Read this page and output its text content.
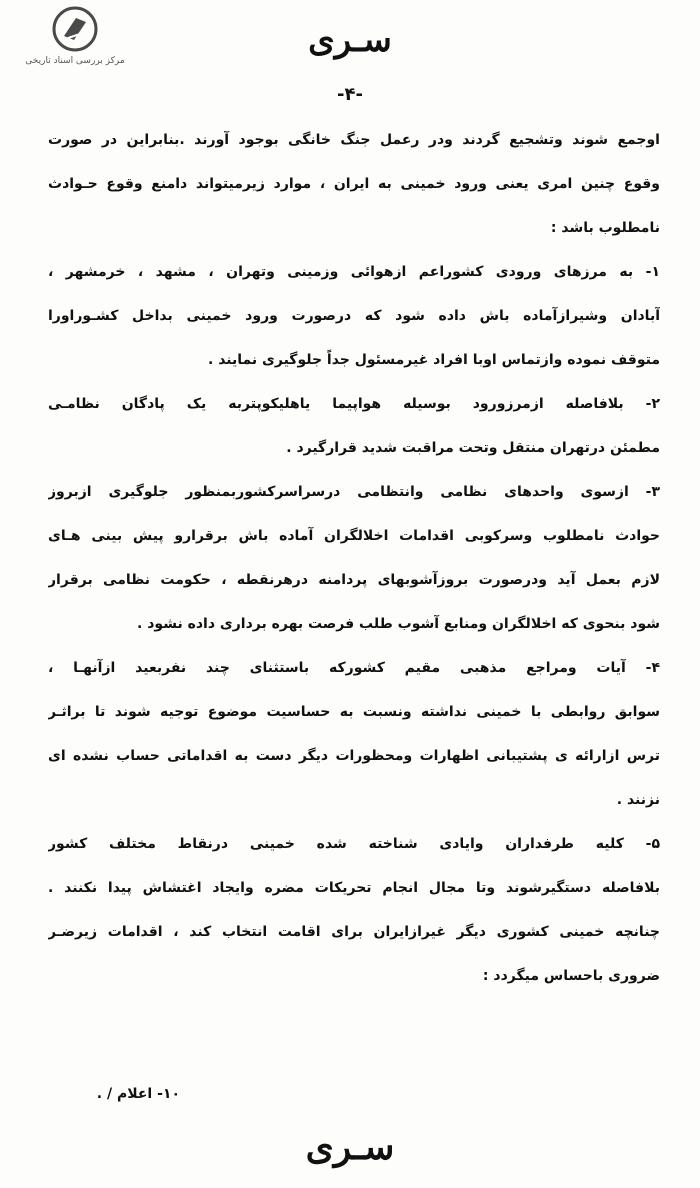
مرکز بررسی اسناد تاریخی
سـری
-۴-
اوجمع شوند وتشجیع گردند ودر رعمل جنگ خانگی بوجود آورند .بنابراین در صورت
وقوع چنین امری یعنی ورود خمینی به ایران ، موارد زیرمیتواند دامنع وقوع حـوادث
نامطلوب باشد :
۱- به مرزهای ورودی کشوراعم ازهوائی وزمینی وتهران ، مشهد ، خرمشهر ،
آبادان وشیرازآماده باش داده شود که درصورت ورود خمینی بداخل کشـوراورا
متوقف نموده وازتماس اوبا افراد غیرمسئول جداً جلوگیری نمایند .
۲- بلافاصله ازمرزورود بوسیله هواپیما یاهلیکوپتربه یک پادگان نظامـی
مطمئن درتهران منتقل وتحت مراقبت شدید قرارگیرد .
۳- ازسوی واحدهای نظامی وانتظامی درسراسرکشوربمنظور جلوگیری ازبروز
حوادث نامطلوب وسرکوبی اقدامات اخلالگران آماده باش برقرارو پیش بینی هـای
لازم بعمل آید ودرصورت بروزآشوبهای پردامنه درهرنقطه ، حکومت نظامی برقرار
شود بنحوی که اخلالگران ومنابع آشوب طلب فرصت بهره برداری داده نشود .
۴- آیات ومراجع مذهبی مقیم کشورکه باستثنای چند نفربعید ازآنهـا ،
سوابق روابطی با خمینی نداشته ونسبت به حساسیت موضوع توجیه شوند تا براثـر
ترس ازارائه ی پشتیبانی اظهارات ومحظورات دیگر دست به اقداماتی حساب نشده ای
نزنند .
۵- کلیه طرفداران وایادی شناخته شده خمینی درنقاط مختلف کشور
بلافاصله دستگیرشوند وتا مجال انجام تحریکات مضره وایجاد اغتشاش پیدا نکنند .
چنانچه خمینی کشوری دیگر غیرازایران برای اقامت انتخاب کند ، اقدامات زیرضـر
ضروری باحساس میگردد :
۱۰- اعلام / .
سـری
